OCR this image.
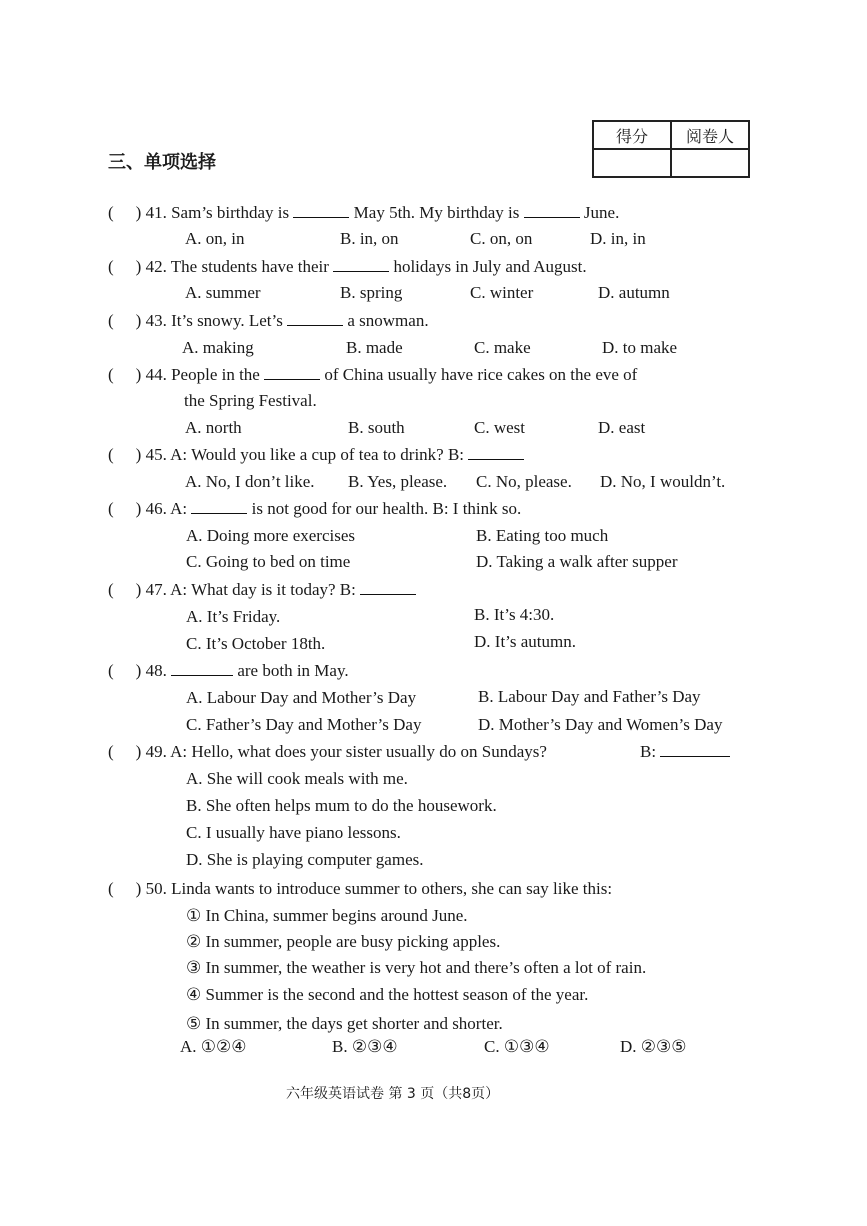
三、单项选择
得分	阅卷人

( ) 41. Sam’s birthday is	May 5th. My birthday is	June.
A. on, in	B. in, on	C. on, on	D. in, in
( ) 42. The students have their	holidays in July and August.
A. summer	B. spring	C. winter	D. autumn
( ) 43. It’s snowy. Let’s	a snowman.
A. making	B. made	C. make	D. to make
( ) 44. People in the	of China usually have rice cakes on the eve of
the Spring Festival.
A. north	B. south	C. west	D. east
( ) 45. A: Would you like a cup of tea to drink? B:
A. No, I don’t like. B. Yes, please. C. No, please. D. No, I wouldn’t.
( ) 46. A:	is not good for our health. B: I think so.
A. Doing more exercises	B. Eating too much
C. Going to bed on time	D. Taking a walk after supper
( ) 47. A: What day is it today? B:
A. It’s Friday.	B. It’s 4:30.
C. It’s October 18th.	D. It’s autumn.
( ) 48.	are both in May.
A. Labour Day and Mother’s Day	B. Labour Day and Father’s Day
C. Father’s Day and Mother’s Day	D. Mother’s Day and Women’s Day
( ) 49. A: Hello, what does your sister usually do on Sundays?	B:
A. She will cook meals with me.
B. She often helps mum to do the housework.
C. I usually have piano lessons.
D. She is playing computer games.
( ) 50. Linda wants to introduce summer to others, she can say like this:
① In China, summer begins around June.
② In summer, people are busy picking apples.
③ In summer, the weather is very hot and there’s often a lot of rain.
④ Summer is the second and the hottest season of the year.
⑤ In summer, the days get shorter and shorter.
A. ①②④	B. ②③④	C. ①③④	D. ②③⑤
六年级英语试卷 第 3 页（共8页）
